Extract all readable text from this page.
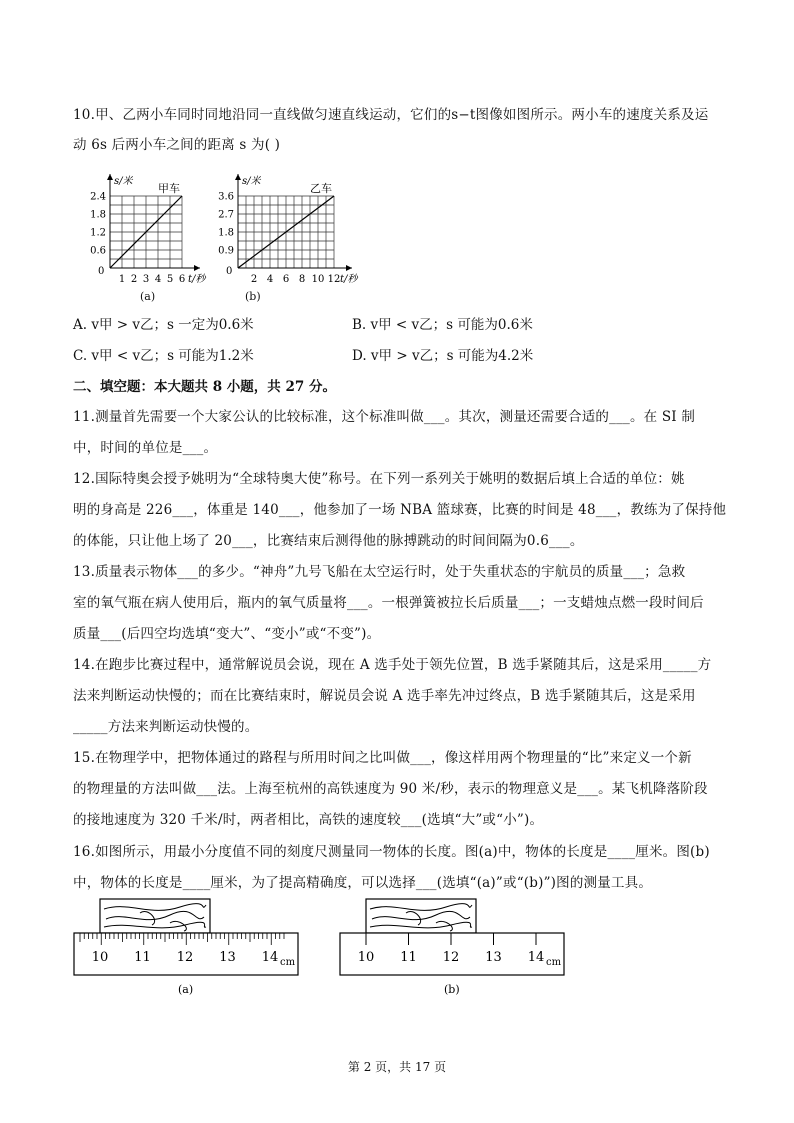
10.甲、乙两小车同时同地沿同一直线做匀速直线运动，它们的s−t图像如图所示。两小车的速度关系及运
动 6s 后两小车之间的距离 s 为( )
2.4
1.8
1.2
0.6
1 2 3 4 5 6
0
s/米
t/秒
甲车
(a)
3.6
2.7
1.8
0.9
2 4 6 8 10 12
0
s/米
t/秒
乙车
(b)
A. v甲 > v乙；s 一定为0.6米	B. v甲 < v乙；s 可能为0.6米
C. v甲 < v乙；s 可能为1.2米	D. v甲 > v乙；s 可能为4.2米
二、填空题：本大题共 8 小题，共 27 分。
11.测量首先需要一个大家公认的比较标准，这个标准叫做___。其次，测量还需要合适的___。在 SI 制
中，时间的单位是___。
12.国际特奥会授予姚明为“全球特奥大使”称号。在下列一系列关于姚明的数据后填上合适的单位：姚
明的身高是 226___，体重是 140___，他参加了一场 NBA 篮球赛，比赛的时间是 48___，教练为了保持他
的体能，只让他上场了 20___，比赛结束后测得他的脉搏跳动的时间间隔为0.6___。
13.质量表示物体___的多少。“神舟”九号飞船在太空运行时，处于失重状态的宇航员的质量___；急救
室的氧气瓶在病人使用后，瓶内的氧气质量将___。一根弹簧被拉长后质量___；一支蜡烛点燃一段时间后
质量___(后四空均选填“变大”、“变小”或“不变”)。
14.在跑步比赛过程中，通常解说员会说，现在 A 选手处于领先位置，B 选手紧随其后，这是采用_____方
法来判断运动快慢的；而在比赛结束时，解说员会说 A 选手率先冲过终点，B 选手紧随其后，这是采用
_____方法来判断运动快慢的。
15.在物理学中，把物体通过的路程与所用时间之比叫做___，像这样用两个物理量的“比”来定义一个新
的物理量的方法叫做___法。上海至杭州的高铁速度为 90 米/秒，表示的物理意义是___。某飞机降落阶段
的接地速度为 320 千米/时，两者相比，高铁的速度较___(选填“大”或“小”)。
16.如图所示，用最小分度值不同的刻度尺测量同一物体的长度。图(a)中，物体的长度是____厘米。图(b)
中，物体的长度是____厘米，为了提高精确度，可以选择___(选填“(a)”或“(b)”)图的测量工具。
10 11 12 13 14 cm
(a)
10 11 12 13 14 cm
(b)
第 2 页，共 17 页
